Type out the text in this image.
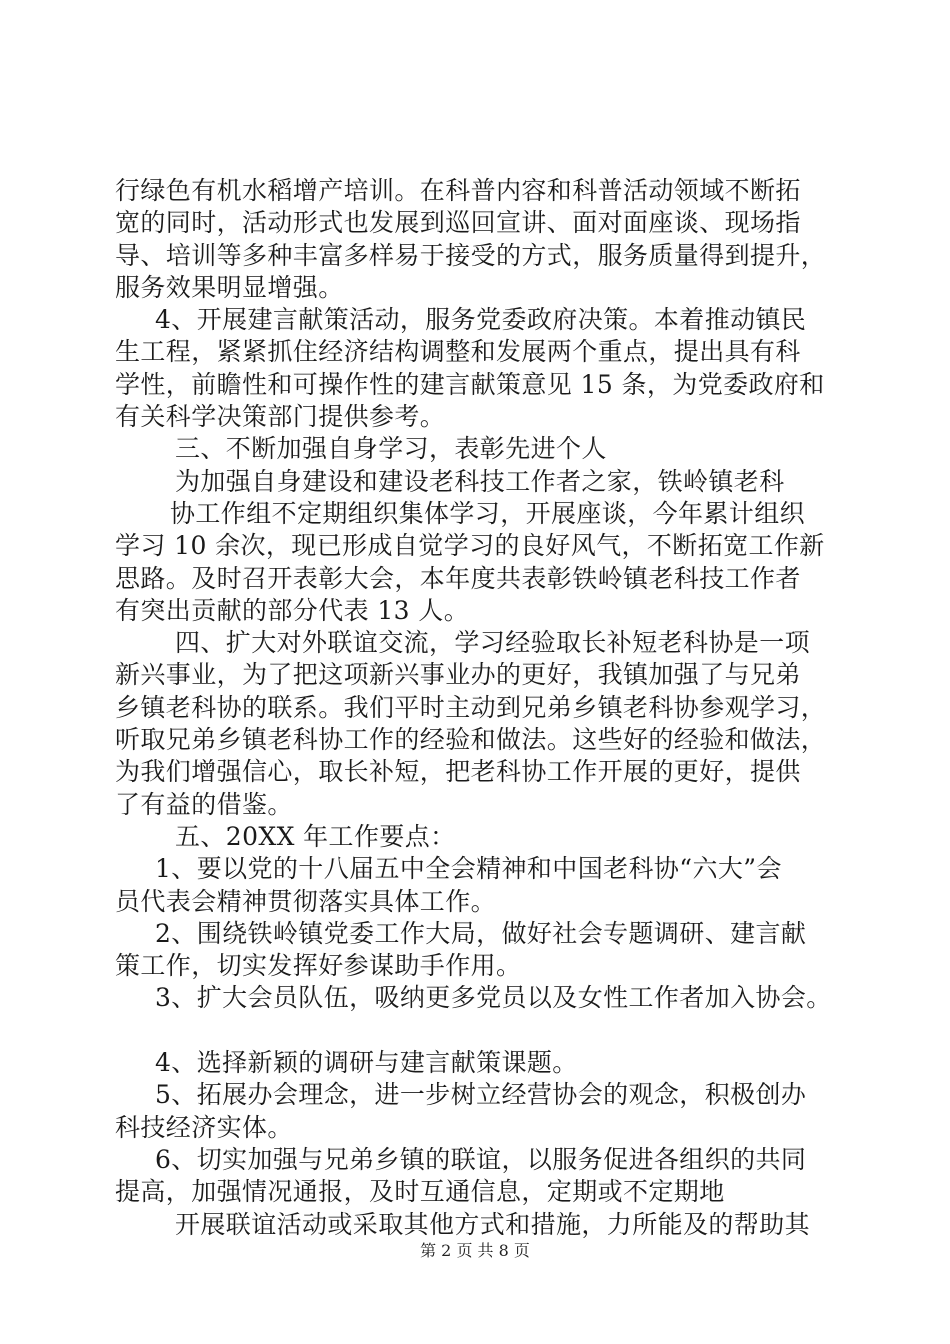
行绿色有机水稻增产培训。在科普内容和科普活动领域不断拓
宽的同时，活动形式也发展到巡回宣讲、面对面座谈、现场指
导、培训等多种丰富多样易于接受的方式，服务质量得到提升，
服务效果明显增强。
4、开展建言献策活动，服务党委政府决策。本着推动镇民
生工程，紧紧抓住经济结构调整和发展两个重点，提出具有科
学性，前瞻性和可操作性的建言献策意见 15 条，为党委政府和
有关科学决策部门提供参考。
三、不断加强自身学习，表彰先进个人
为加强自身建设和建设老科技工作者之家，铁岭镇老科
协工作组不定期组织集体学习，开展座谈，今年累计组织
学习 10 余次，现已形成自觉学习的良好风气，不断拓宽工作新
思路。及时召开表彰大会，本年度共表彰铁岭镇老科技工作者
有突出贡献的部分代表 13 人。
四、扩大对外联谊交流，学习经验取长补短老科协是一项
新兴事业，为了把这项新兴事业办的更好，我镇加强了与兄弟
乡镇老科协的联系。我们平时主动到兄弟乡镇老科协参观学习，
听取兄弟乡镇老科协工作的经验和做法。这些好的经验和做法，
为我们增强信心，取长补短，把老科协工作开展的更好，提供
了有益的借鉴。
五、20XX 年工作要点：
1、要以党的十八届五中全会精神和中国老科协“六大”会
员代表会精神贯彻落实具体工作。
2、围绕铁岭镇党委工作大局，做好社会专题调研、建言献
策工作，切实发挥好参谋助手作用。
3、扩大会员队伍，吸纳更多党员以及女性工作者加入协会。
4、选择新颖的调研与建言献策课题。
5、拓展办会理念，进一步树立经营协会的观念，积极创办
科技经济实体。
6、切实加强与兄弟乡镇的联谊，以服务促进各组织的共同
提高，加强情况通报，及时互通信息，定期或不定期地
开展联谊活动或采取其他方式和措施，力所能及的帮助其
第 2 页 共 8 页
